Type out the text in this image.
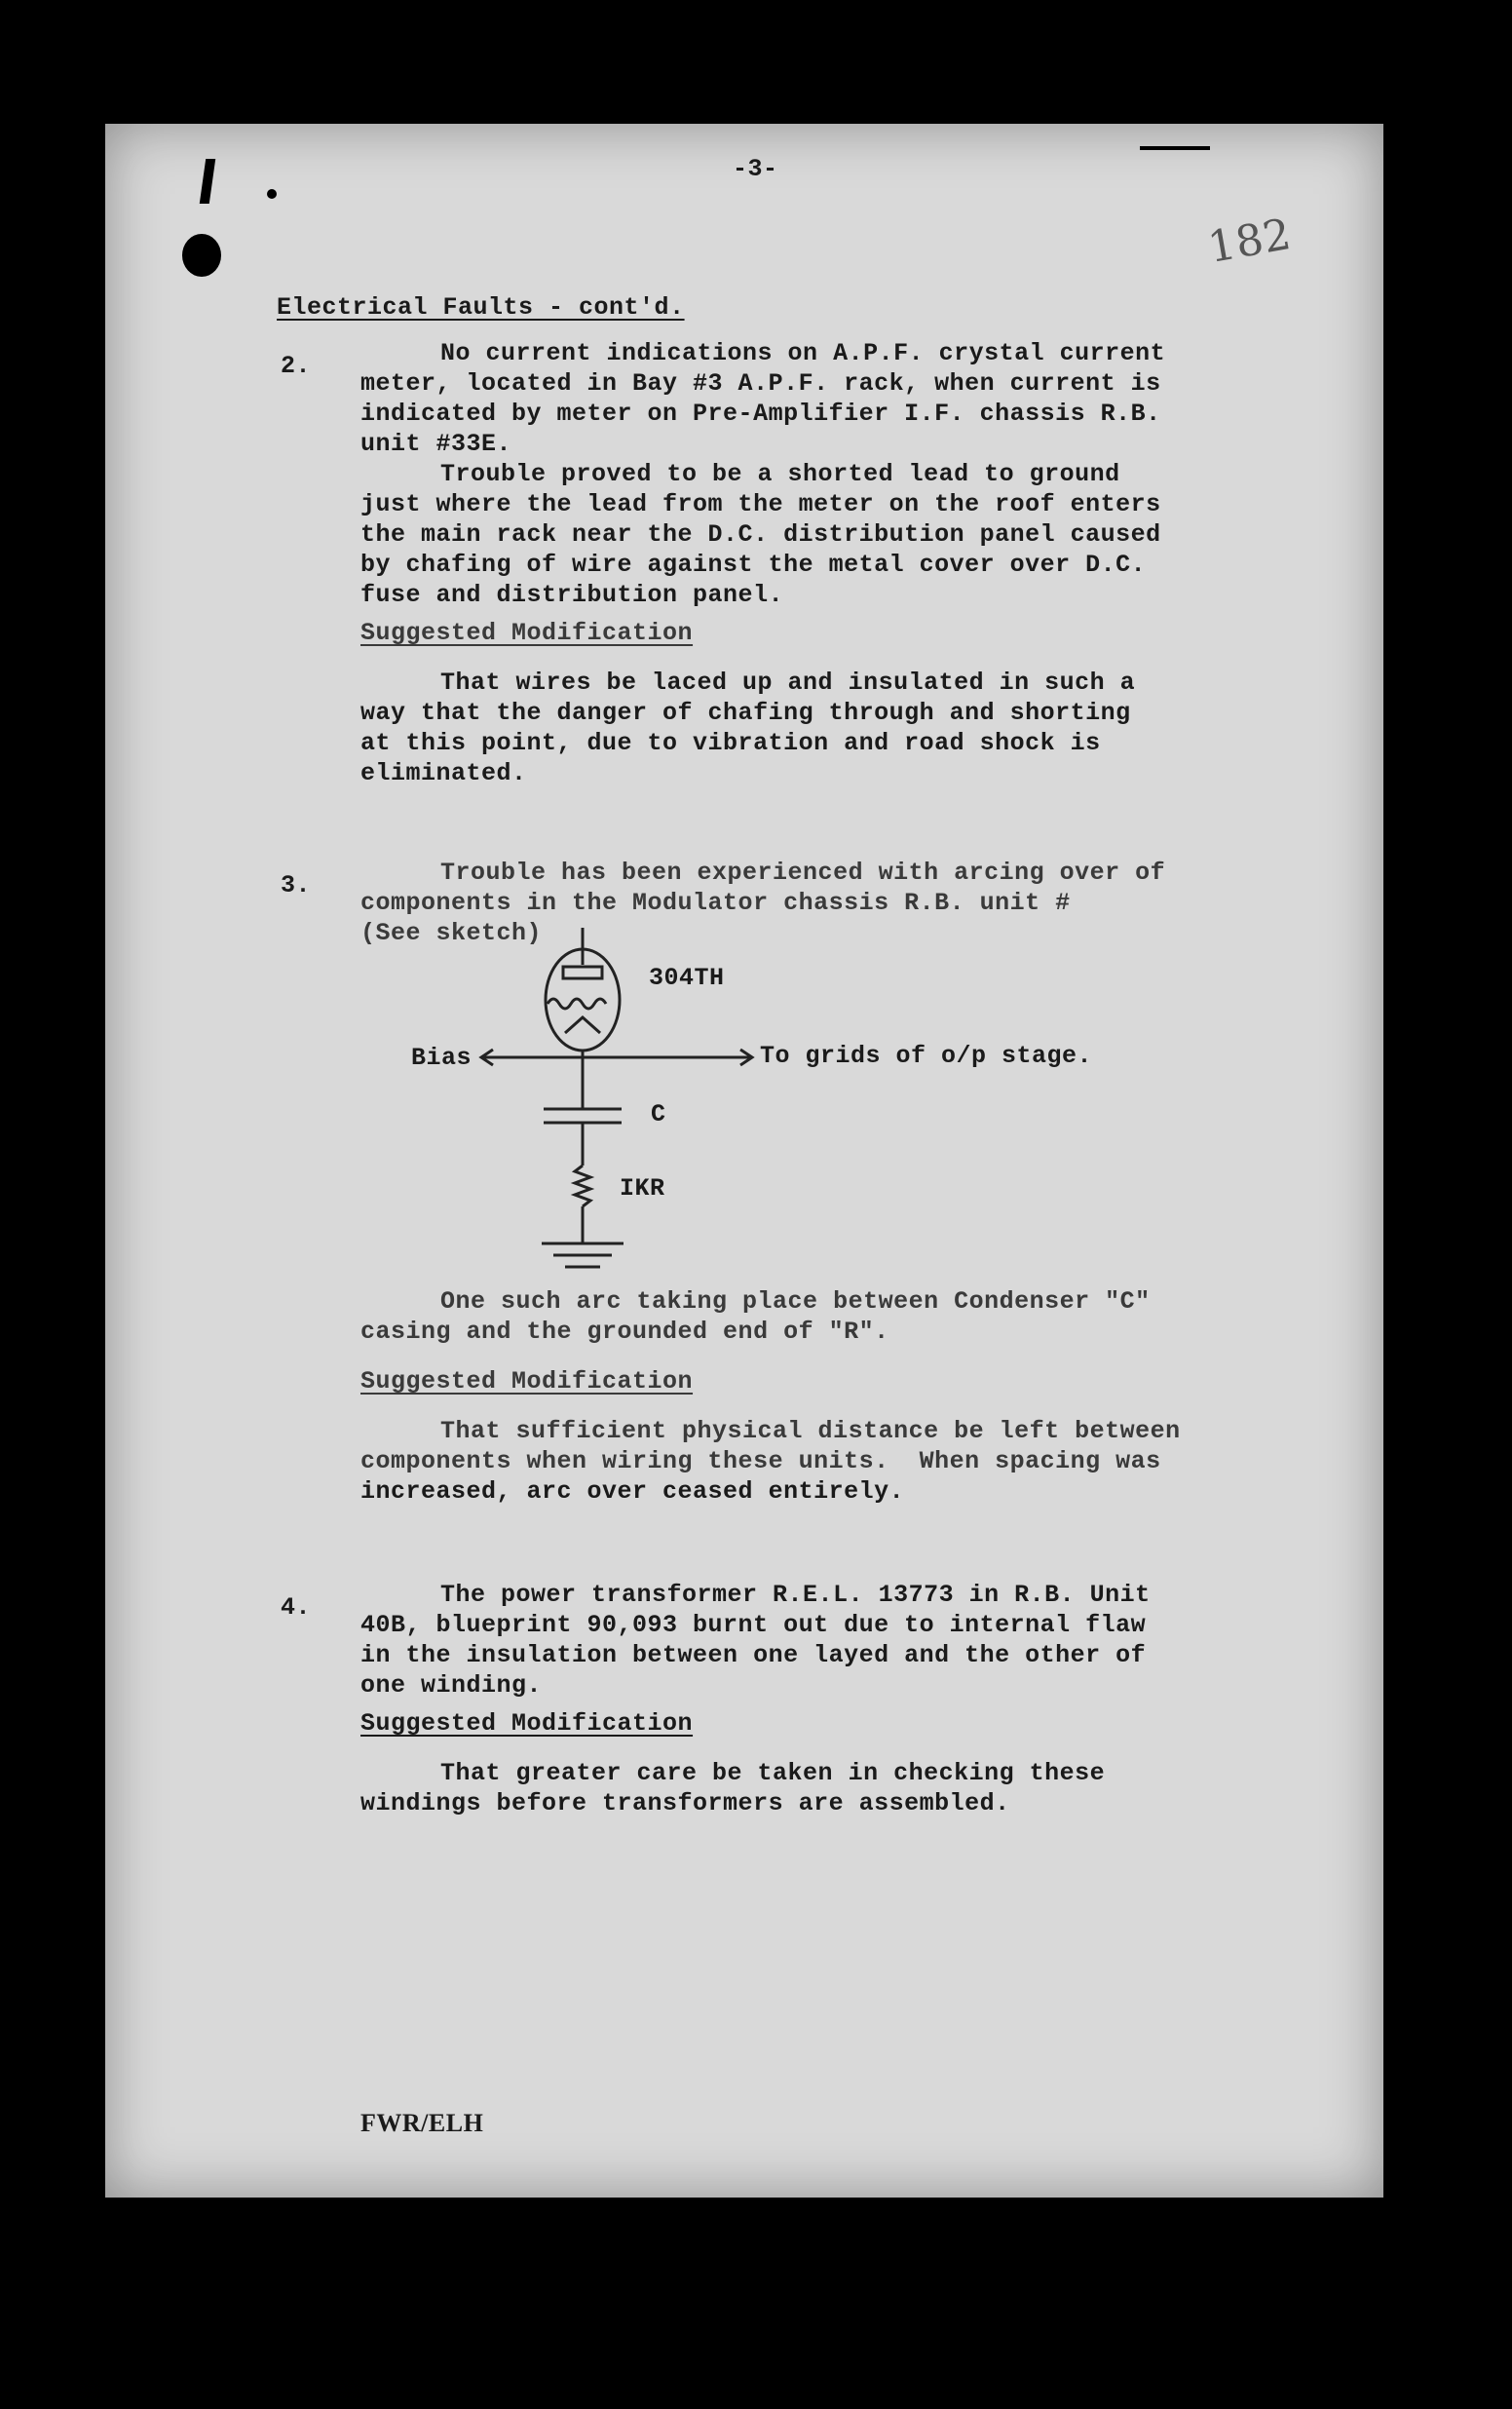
-3-
182
Electrical Faults - cont'd.
2.	No current indications on A.P.F. crystal current
meter, located in Bay #3 A.P.F. rack, when current is
indicated by meter on Pre-Amplifier I.F. chassis R.B.
unit #33E.
Trouble proved to be a shorted lead to ground
just where the lead from the meter on the roof enters
the main rack near the D.C. distribution panel caused
by chafing of wire against the metal cover over D.C.
fuse and distribution panel.
Suggested Modification
That wires be laced up and insulated in such a
way that the danger of chafing through and shorting
at this point, due to vibration and road shock is
eliminated.
3.	Trouble has been experienced with arcing over of
components in the Modulator chassis R.B. unit #
(See sketch)
304TH
Bias	To grids of o/p stage.
C
IKR
One such arc taking place between Condenser "C"
casing and the grounded end of "R".
Suggested Modification
That sufficient physical distance be left between
components when wiring these units.  When spacing was
increased, arc over ceased entirely.
4.	The power transformer R.E.L. 13773 in R.B. Unit
40B, blueprint 90,093 burnt out due to internal flaw
in the insulation between one layed and the other of
one winding.
Suggested Modification
That greater care be taken in checking these
windings before transformers are assembled.
FWR/ELH
